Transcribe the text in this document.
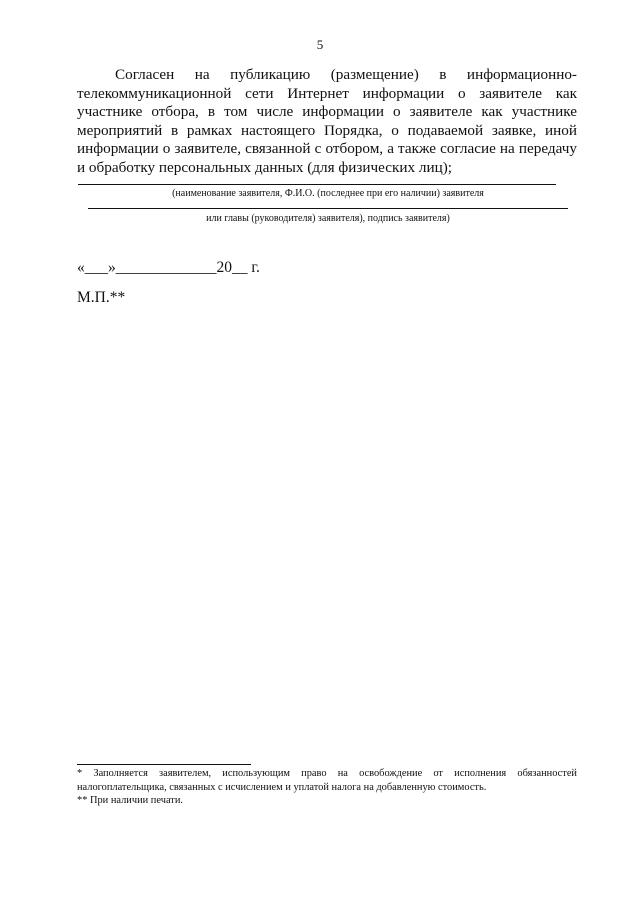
5

Согласен на публикацию (размещение) в информационно-телекоммуникационной сети Интернет информации о заявителе как участнике отбора, в том числе информации о заявителе как участнике мероприятий в рамках настоящего Порядка, о подаваемой заявке, иной информации о заявителе, связанной с отбором, а также согласие на передачу и обработку персональных данных (для физических лиц);

(наименование заявителя, Ф.И.О. (последнее при его наличии) заявителя
или главы (руководителя) заявителя), подпись заявителя)
«___»_____________20__ г.
М.П.**

* Заполняется заявителем, использующим право на освобождение от исполнения обязанностей налогоплательщика, связанных с исчислением и уплатой налога на добавленную стоимость.

** При наличии печати.
